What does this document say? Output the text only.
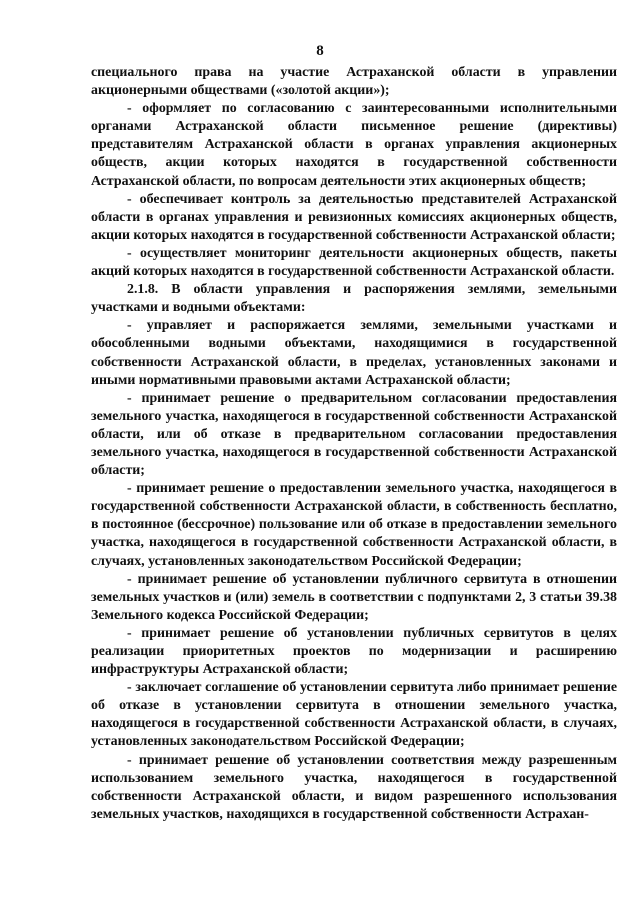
8

специального права на участие Астраханской области в управлении акционерными обществами («золотой акции»);

- оформляет по согласованию с заинтересованными исполнительными органами Астраханской области письменное решение (директивы) представителям Астраханской области в органах управления акционерных обществ, акции которых находятся в государственной собственности Астраханской области, по вопросам деятельности этих акционерных обществ;

- обеспечивает контроль за деятельностью представителей Астраханской области в органах управления и ревизионных комиссиях акционерных обществ, акции которых находятся в государственной собственности Астраханской области;

- осуществляет мониторинг деятельности акционерных обществ, пакеты акций которых находятся в государственной собственности Астраханской области.

2.1.8. В области управления и распоряжения землями, земельными участками и водными объектами:

- управляет и распоряжается землями, земельными участками и обособленными водными объектами, находящимися в государственной собственности Астраханской области, в пределах, установленных законами и иными нормативными правовыми актами Астраханской области;

- принимает решение о предварительном согласовании предоставления земельного участка, находящегося в государственной собственности Астраханской области, или об отказе в предварительном согласовании предоставления земельного участка, находящегося в государственной собственности Астраханской области;

- принимает решение о предоставлении земельного участка, находящегося в государственной собственности Астраханской области, в собственность бесплатно, в постоянное (бессрочное) пользование или об отказе в предоставлении земельного участка, находящегося в государственной собственности Астраханской области, в случаях, установленных законодательством Российской Федерации;

- принимает решение об установлении публичного сервитута в отношении земельных участков и (или) земель в соответствии с подпунктами 2, 3 статьи 39.38 Земельного кодекса Российской Федерации;

- принимает решение об установлении публичных сервитутов в целях реализации приоритетных проектов по модернизации и расширению инфраструктуры Астраханской области;

- заключает соглашение об установлении сервитута либо принимает решение об отказе в установлении сервитута в отношении земельного участка, находящегося в государственной собственности Астраханской области, в случаях, установленных законодательством Российской Федерации;

- принимает решение об установлении соответствия между разрешенным использованием земельного участка, находящегося в государственной собственности Астраханской области, и видом разрешенного использования земельных участков, находящихся в государственной собственности Астрахан-
